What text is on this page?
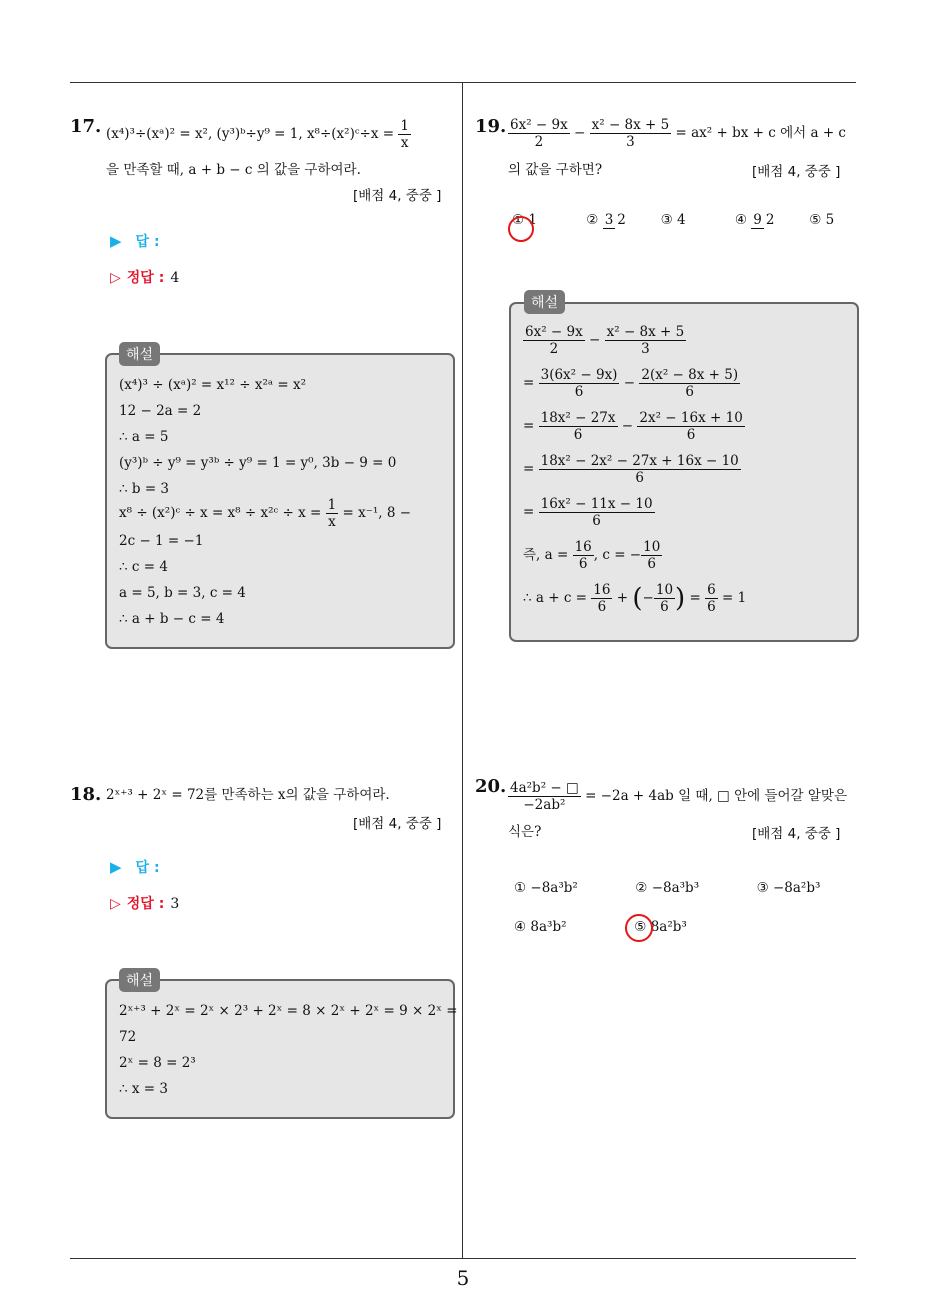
17. (x⁴)³÷(xᵃ)² = x², (y³)ᵇ÷y⁹ = 1, x⁸÷(x²)ᶜ÷x = $\frac{1}{x}$
을 만족할 때, a + b − c 의 값을 구하여라.
[배점 4, 중중 ]
▶ 답 :
▷ 정답 : 4
(x⁴)³ ÷ (xᵃ)² = x¹² ÷ x²ᵃ = x²
12 − 2a = 2
∴ a = 5
(y³)ᵇ ÷ y⁹ = y³ᵇ ÷ y⁹ = 1 = y⁰, 3b − 9 = 0
∴ b = 3
x⁸ ÷ (x²)ᶜ ÷ x = x⁸ ÷ x²ᶜ ÷ $x = \frac{1}{x} = x^{-1}$, 8 −
2c − 1 = −1
∴ c = 4
a = 5, b = 3, c = 4
∴ a + b − c = 4
해설
18. 2ˣ⁺³ + 2ˣ = 72를 만족하는 x의 값을 구하여라.
[배점 4, 중중 ]
▶ 답 :
▷ 정답 : 3
2ˣ⁺³ + 2ˣ = 2ˣ × 2³ + 2ˣ = 8 × 2ˣ + 2ˣ = 9 × 2ˣ =
72
2ˣ = 8 = 2³
∴ x = 3
해설
19. $\frac{\text{6x² − 9x}}{2} - \frac{\text{x² − 8x + 5}}{3} = ax^2$ + bx + c 에서 a + c
의 값을 구하면?	[배점 4, 중중 ]
① 1	② 3 2	③ 4	④ 9 2	⑤ 5
$\frac{\text{6x² − 9x}}{2} - \frac{\text{x² − 8x + 5}}{3}$
= $\frac{\text{3(6x² − 9x)}}{6} - \frac{\text{2(x² − 8x + 5)}}{6}$
= $\frac{\text{18x² − 27x}}{6} - \frac{\text{2x² − 16x + 10}}{6}$
= $\frac{\text{18x² − 2x² − 27x + 16x − 10}}{6}$
= $\frac{\text{16x² − 11x − 10}}{6}$
즉, $a = \frac{16}{6}$ , c = − $\frac{10}{6}$
∴ $a + c = \frac{16}{6}$ + (− $\frac{10}{6}$ ) = $\frac{6}{6} = 1$
해설
20. $\frac{\text{4a²b² − □}}{\text{−2ab²}} = -2a + 4ab$ 일 때, □ 안에 들어갈 알맞은
식은?	[배점 4, 중중 ]
① −8a³b²	② −8a³b³	③ −8a²b³
④ 8a³b²	⑤ 8a²b³
5
